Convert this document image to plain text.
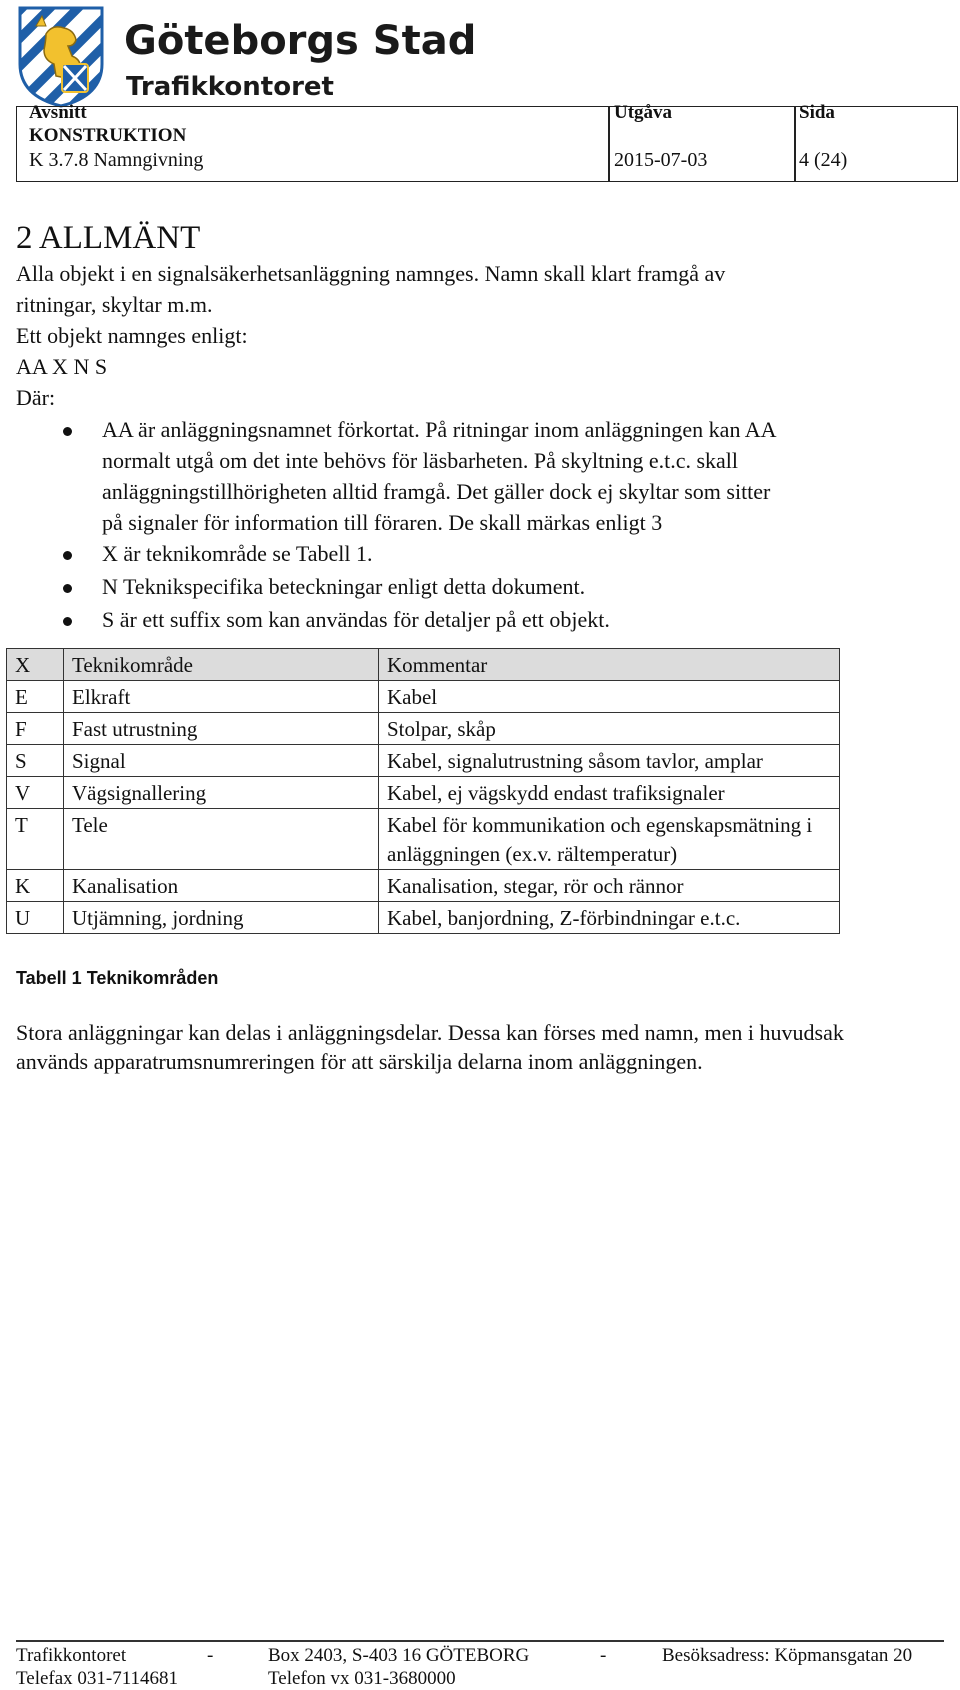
Göteborgs Stad
Trafikkontoret
Avsnitt
KONSTRUKTION
K 3.7.8 Namngivning
Utgåva
2015-07-03
Sida
4 (24)
2 ALLMÄNT
Alla objekt i en signalsäkerhetsanläggning namnges. Namn skall klart framgå av
ritningar, skyltar m.m.
Ett objekt namnges enligt:
AA X N S
Där:
AA är anläggningsnamnet förkortat. På ritningar inom anläggningen kan AA
normalt utgå om det inte behövs för läsbarheten. På skyltning e.t.c. skall
anläggningstillhörigheten alltid framgå. Det gäller dock ej skyltar som sitter
på signaler för information till föraren. De skall märkas enligt 3
X är teknikområde se Tabell 1.
N Teknikspecifika beteckningar enligt detta dokument.
S är ett suffix som kan användas för detaljer på ett objekt.
X	Teknikområde	Kommentar
E	Elkraft	Kabel
F	Fast utrustning	Stolpar, skåp
S	Signal	Kabel, signalutrustning såsom tavlor, amplar
V	Vägsignallering	Kabel, ej vägskydd endast trafiksignaler
T	Tele	Kabel för kommunikation och egenskapsmätning i anläggningen (ex.v. rältemperatur)
K	Kanalisation	Kanalisation, stegar, rör och rännor
U	Utjämning, jordning	Kabel, banjordning, Z-förbindningar e.t.c.
Tabell 1 Teknikområden
Stora anläggningar kan delas i anläggningsdelar. Dessa kan förses med namn, men i huvudsak
används apparatrumsnumreringen för att särskilja delarna inom anläggningen.
Trafikkontoret	-	Box 2403, S-403 16 GÖTEBORG	-	Besöksadress: Köpmansgatan 20
Telefax 031-7114681	Telefon vx 031-3680000
